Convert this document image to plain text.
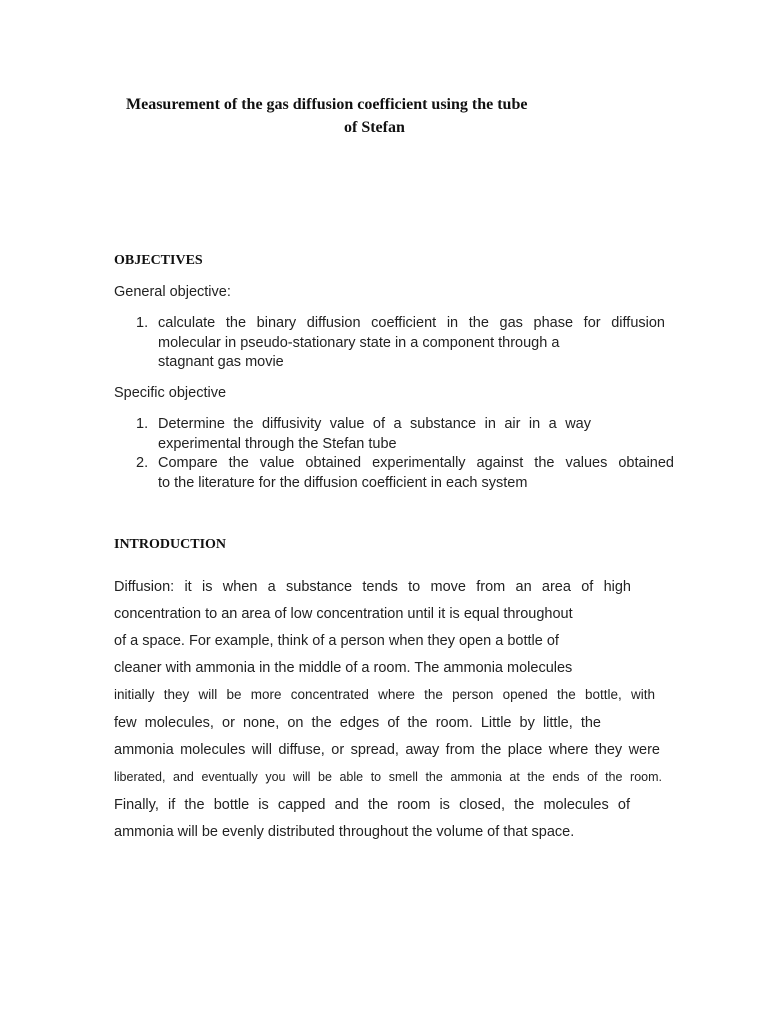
Measurement of the gas diffusion coefficient using the tube
of Stefan
OBJECTIVES
General objective:
1. calculate the binary diffusion coefficient in the gas phase for diffusion
molecular in pseudo-stationary state in a component through a
stagnant gas movie
Specific objective
1. Determine the diffusivity value of a substance in air in a way
experimental through the Stefan tube
2. Compare the value obtained experimentally against the values obtained
to the literature for the diffusion coefficient in each system
INTRODUCTION
Diffusion: it is when a substance tends to move from an area of high
concentration to an area of low concentration until it is equal throughout
of a space. For example, think of a person when they open a bottle of
cleaner with ammonia in the middle of a room. The ammonia molecules
initially they will be more concentrated where the person opened the bottle, with
few molecules, or none, on the edges of the room. Little by little, the
ammonia molecules will diffuse, or spread, away from the place where they were
liberated, and eventually you will be able to smell the ammonia at the ends of the room.
Finally, if the bottle is capped and the room is closed, the molecules of
ammonia will be evenly distributed throughout the volume of that space.
